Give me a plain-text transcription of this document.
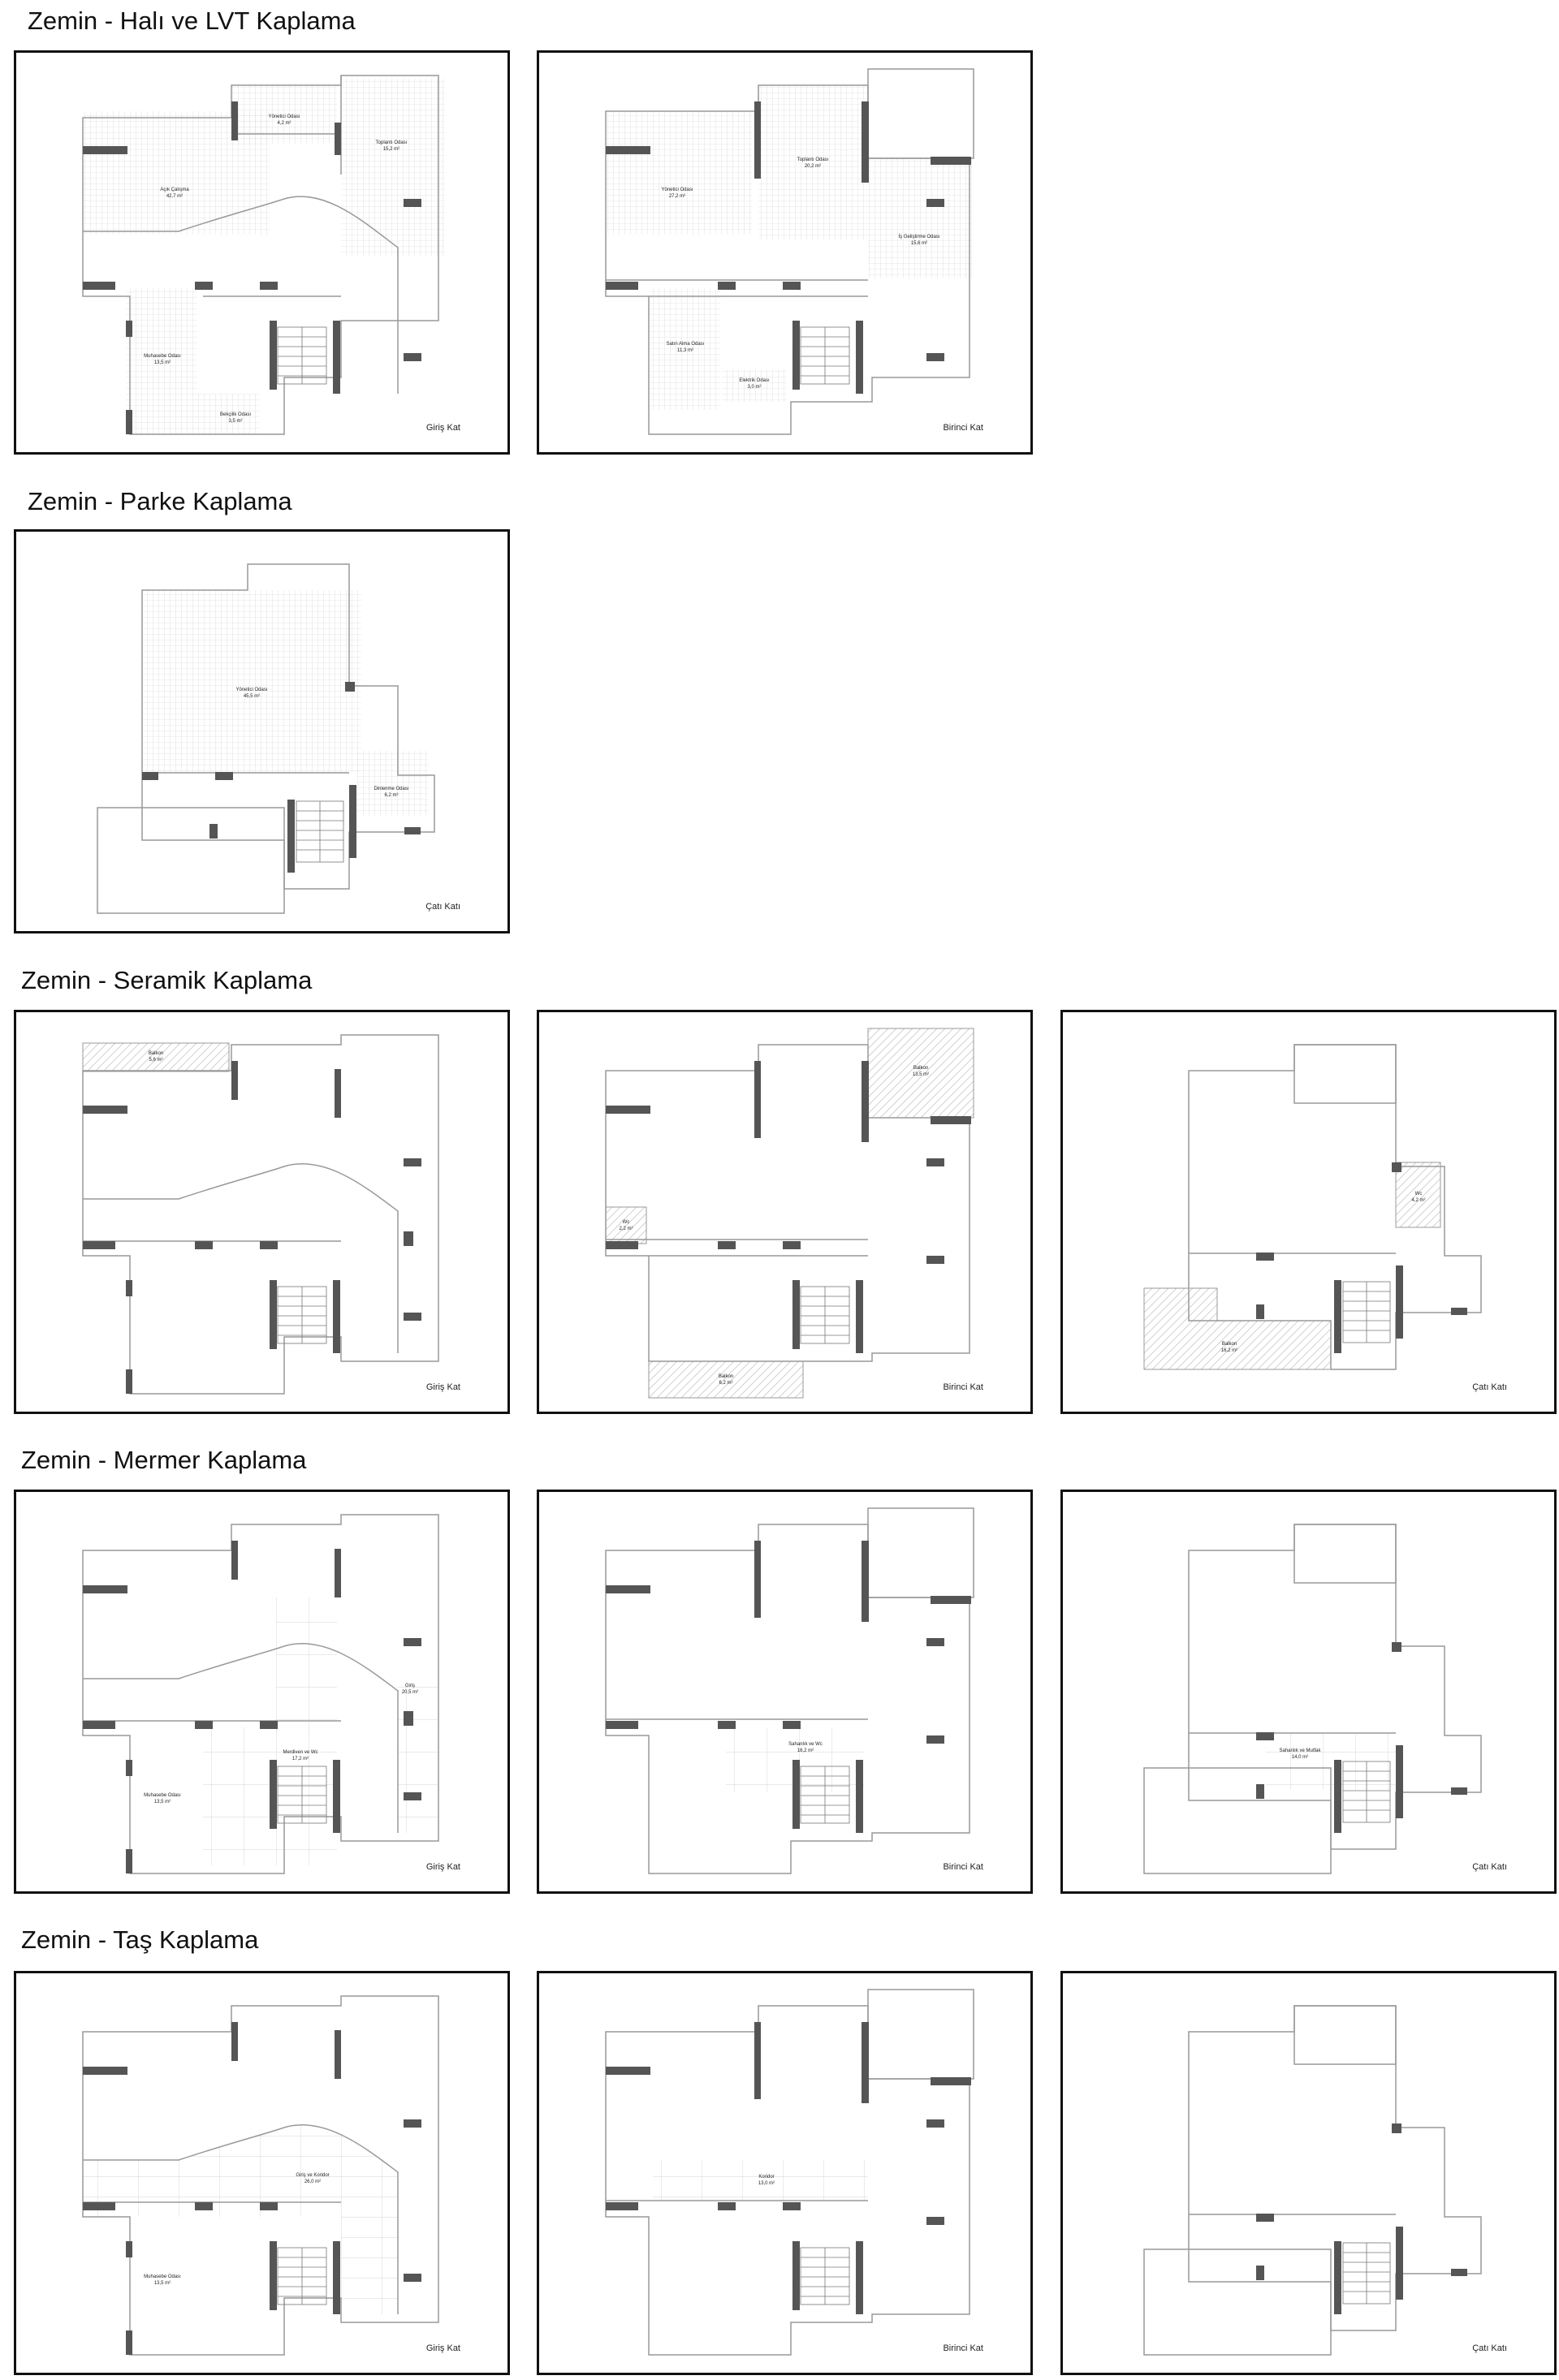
Zemin - Halı ve LVT Kaplama
Yönetici Odası
4,2 m²
Toplantı Odası
15,2 m²
Açık Çalışma
42,7 m²
Muhasebe Odası
13,5 m²
Bekçilik Odası
3,5 m²
Giriş Kat
Yönetici Odası
27,2 m²
Toplantı Odası
20,2 m²
İş Geliştirme Odası
15,6 m²
Satın Alma Odası
11,3 m²
Elektrik Odası
3,0 m²
Birinci Kat
Zemin - Parke Kaplama
Yönetici Odası
45,5 m²
Dinlenme Odası
6,2 m²
Çatı Katı
Zemin - Seramik Kaplama
Balkon
5,6 m²
Giriş Kat
Balkon
13,5 m²
Wc
2,2 m²
Balkon
6,2 m²	Birinci Kat
Wc
4,2 m²
Balkon
16,2 m²
Çatı Katı
Zemin - Mermer Kaplama
Giriş
20,5 m²
Muhasebe Odası
13,5 m²
Merdiven ve Wc
17,2 m²
Giriş Kat
Sahanlık ve Wc
16,2 m²
Birinci Kat
Sahanlık ve Mutfak
14,0 m²
Çatı Katı
Zemin - Taş Kaplama
Giriş ve Koridor
26,0 m²
Muhasebe Odası
13,5 m²
Giriş Kat
Koridor
13,0 m²
Birinci Kat	Çatı Katı
